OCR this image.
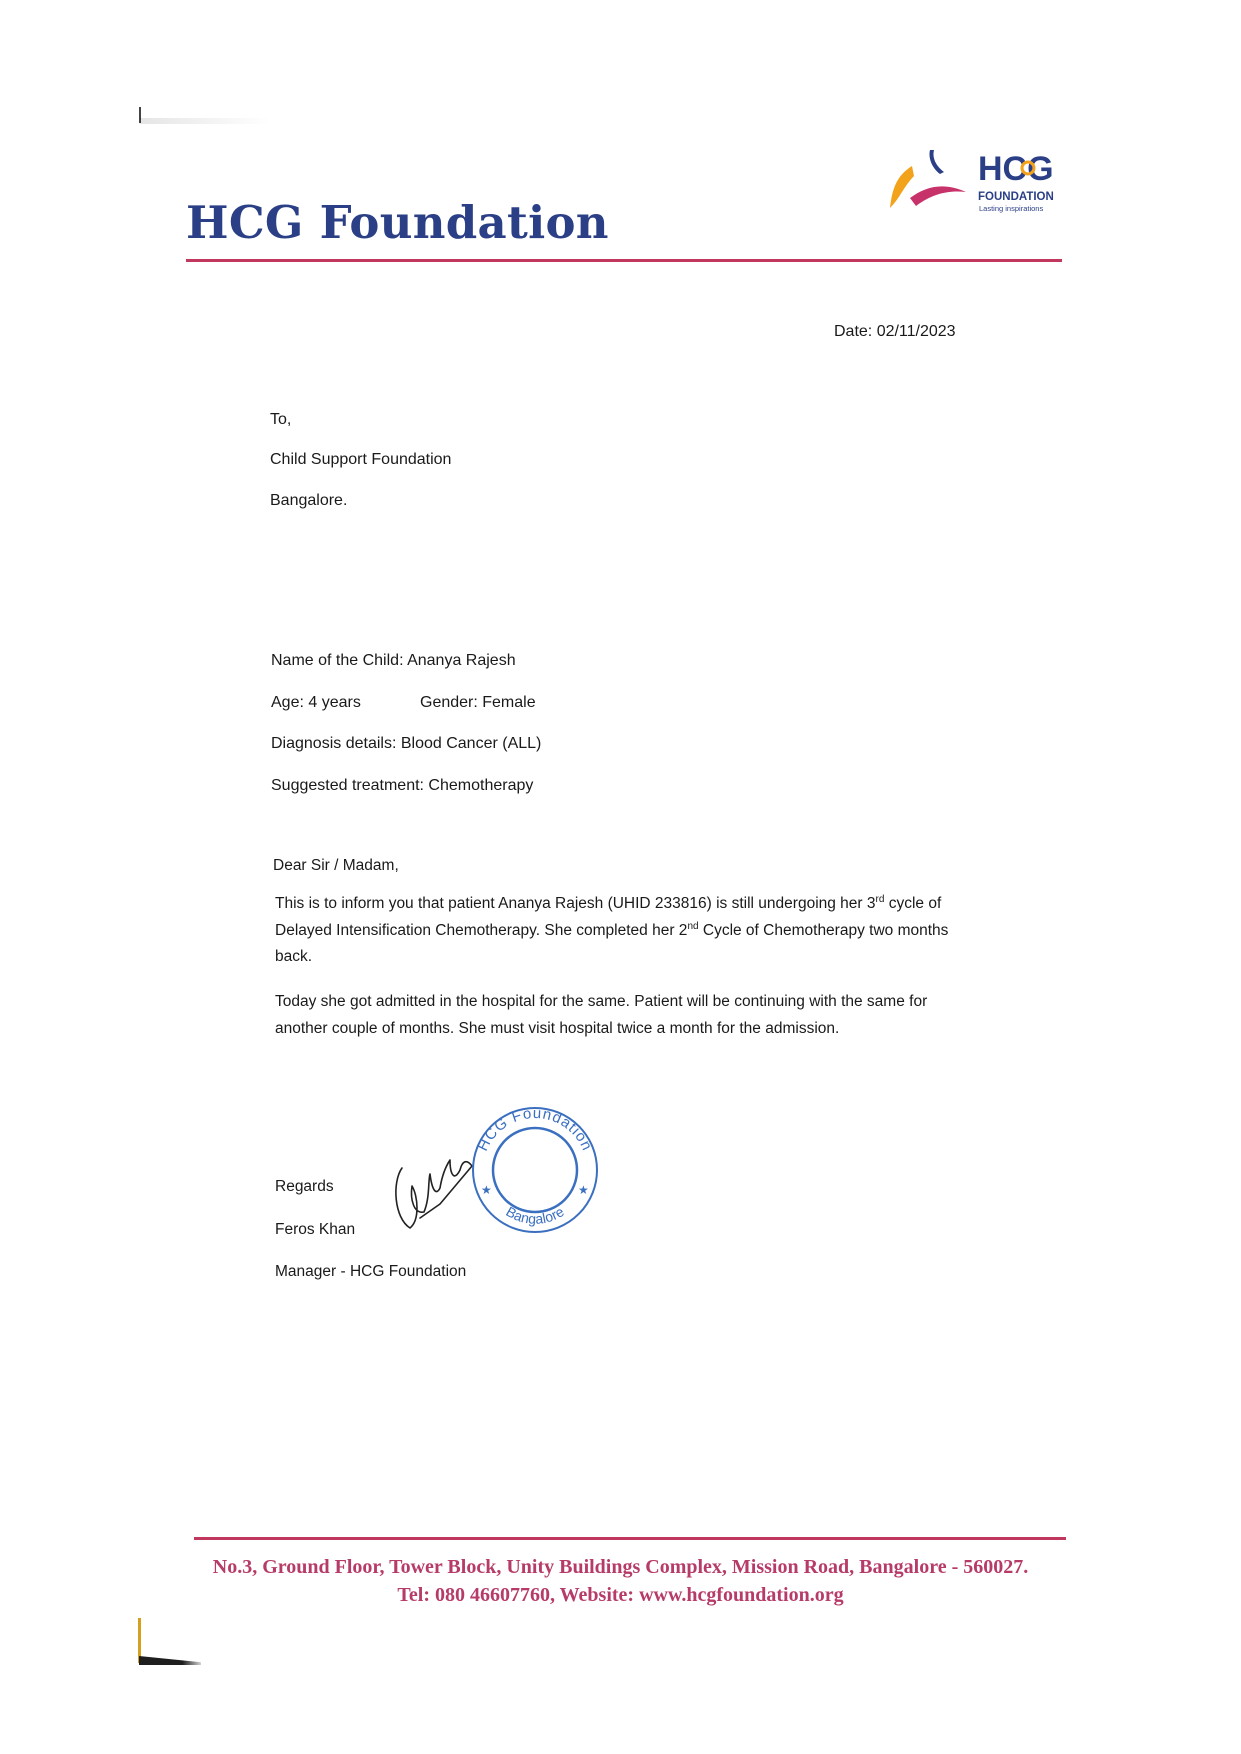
HCG Foundation
HCG
FOUNDATION
Lasting inspirations
Date: 02/11/2023
To,
Child Support Foundation
Bangalore.
Name of the Child: Ananya Rajesh
Age: 4 years	Gender: Female
Diagnosis details: Blood Cancer (ALL)
Suggested treatment: Chemotherapy
Dear Sir / Madam,
This is to inform you that patient Ananya Rajesh (UHID 233816) is still undergoing her 3rd cycle of
Delayed Intensification Chemotherapy. She completed her 2nd Cycle of Chemotherapy two months
back.
Today she got admitted in the hospital for the same. Patient will be continuing with the same for
another couple of months. She must visit hospital twice a month for the admission.
HCG Foundation
Bangalore
★	★
Regards
Feros Khan
Manager - HCG Foundation
No.3, Ground Floor, Tower Block, Unity Buildings Complex, Mission Road, Bangalore - 560027.
Tel: 080 46607760, Website: www.hcgfoundation.org
